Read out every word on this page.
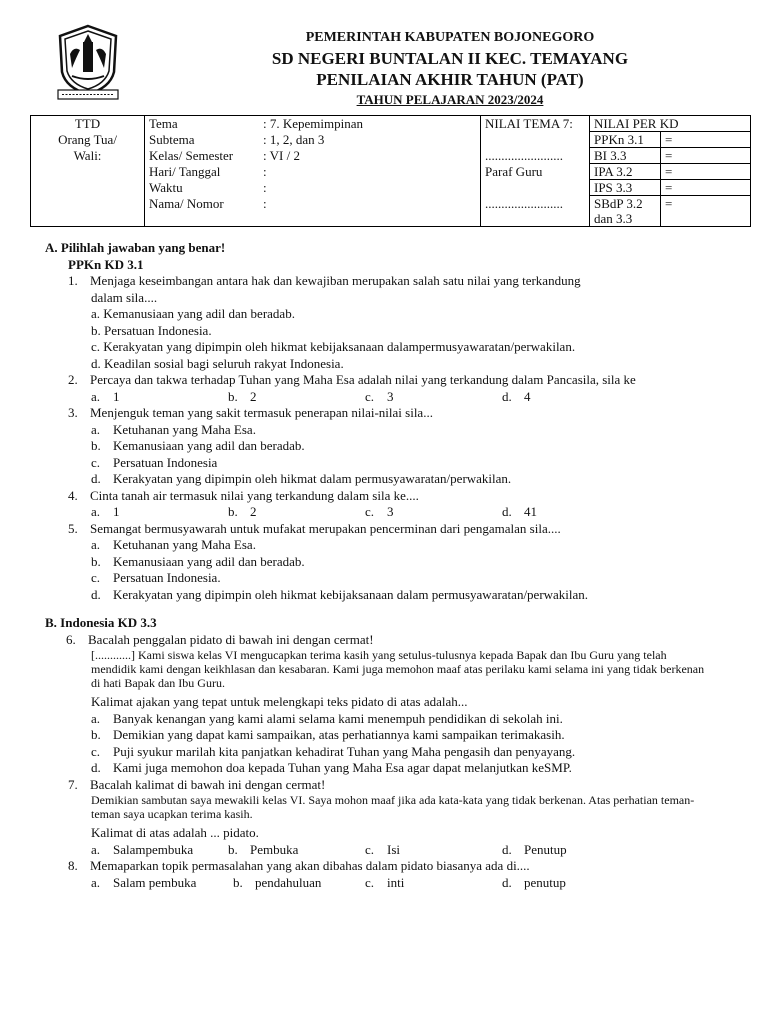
PEMERINTAH KABUPATEN BOJONEGORO
SD NEGERI BUNTALAN II KEC. TEMAYANG
PENILAIAN AKHIR TAHUN (PAT)
TAHUN PELAJARAN 2023/2024
TTD
Orang Tua/
Wali:

Tema	: 7. Kepemimpinan
Subtema	: 1, 2, dan 3
Kelas/ Semester	: VI / 2
Hari/ Tanggal	:
Waktu	:
Nama/ Nomor	:

NILAI TEMA 7:
........................
Paraf Guru
........................

NILAI PER KD
PPKn 3.1	=
BI 3.3	=
IPA 3.2	=
IPS 3.3	=
SBdP 3.2 dan 3.3	=
A. Pilihlah jawaban yang benar!
PPKn KD 3.1
1. Menjaga keseimbangan antara hak dan kewajiban merupakan salah satu nilai yang terkandung
dalam sila....
a. Kemanusiaan yang adil dan beradab.
b. Persatuan Indonesia.
c. Kerakyatan yang dipimpin oleh hikmat kebijaksanaan dalampermusyawaratan/perwakilan.
d. Keadilan sosial bagi seluruh rakyat Indonesia.
2. Percaya dan takwa terhadap Tuhan yang Maha Esa adalah nilai yang terkandung dalam Pancasila, sila ke
a. 1	b. 2	c. 3	d. 4
3. Menjenguk teman yang sakit termasuk penerapan nilai-nilai sila...
a. Ketuhanan yang Maha Esa.
b. Kemanusiaan yang adil dan beradab.
c. Persatuan Indonesia
d. Kerakyatan yang dipimpin oleh hikmat dalam permusyawaratan/perwakilan.
4. Cinta tanah air termasuk nilai yang terkandung dalam sila ke....
a. 1	b. 2	c. 3	d. 41
5. Semangat bermusyawarah untuk mufakat merupakan pencerminan dari pengamalan sila....
a. Ketuhanan yang Maha Esa.
b. Kemanusiaan yang adil dan beradab.
c. Persatuan Indonesia.
d. Kerakyatan yang dipimpin oleh hikmat kebijaksanaan dalam permusyawaratan/perwakilan.
B. Indonesia KD 3.3
6. Bacalah penggalan pidato di bawah ini dengan cermat!
[............] Kami siswa kelas VI mengucapkan terima kasih yang setulus-tulusnya kepada Bapak dan Ibu Guru yang telah mendidik kami dengan keikhlasan dan kesabaran. Kami juga memohon maaf atas perilaku kami selama ini yang tidak berkenan di hati Bapak dan Ibu Guru.
Kalimat ajakan yang tepat untuk melengkapi teks pidato di atas adalah...
a. Banyak kenangan yang kami alami selama kami menempuh pendidikan di sekolah ini.
b. Demikian yang dapat kami sampaikan, atas perhatiannya kami sampaikan terimakasih.
c. Puji syukur marilah kita panjatkan kehadirat Tuhan yang Maha pengasih dan penyayang.
d. Kami juga memohon doa kepada Tuhan yang Maha Esa agar dapat melanjutkan keSMP.
7. Bacalah kalimat di bawah ini dengan cermat!
Demikian sambutan saya mewakili kelas VI. Saya mohon maaf jika ada kata-kata yang tidak berkenan. Atas perhatian teman-teman saya ucapkan terima kasih.
Kalimat di atas adalah ... pidato.
a. Salampembuka	b. Pembuka	c. Isi	d. Penutup
8. Memaparkan topik permasalahan yang akan dibahas dalam pidato biasanya ada di....
a. Salam pembuka	b. pendahuluan	c. inti	d. penutup
